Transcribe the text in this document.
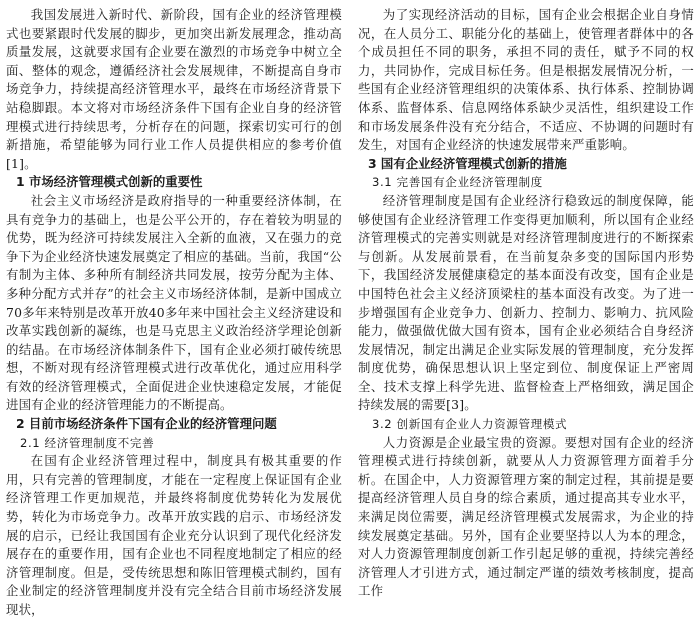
我国发展进入新时代、新阶段，国有企业的经济管理模式也要紧跟时代发展的脚步，更加突出新发展理念，推动高质量发展，这就要求国有企业要在激烈的市场竞争中树立全面、整体的观念，遵循经济社会发展规律，不断提高自身市场竞争力，持续提高经济管理水平，最终在市场经济背景下站稳脚跟。本文将对市场经济条件下国有企业自身的经济管理模式进行持续思考，分析存在的问题，探索切实可行的创新措施，希望能够为同行业工作人员提供相应的参考价值[1]。

1 市场经济管理模式创新的重要性

社会主义市场经济是政府指导的一种重要经济体制，在具有竞争力的基础上，也是公平公开的，存在着较为明显的优势，既为经济可持续发展注入全新的血液，又在强力的竞争下为企业经济快速发展奠定了相应的基础。当前，我国“公有制为主体、多种所有制经济共同发展，按劳分配为主体、多种分配方式并存”的社会主义市场经济体制，是新中国成立70多年来特别是改革开放40多年来中国社会主义经济建设和改革实践创新的凝练，也是马克思主义政治经济学理论创新的结晶。在市场经济体制条件下，国有企业必须打破传统思想，不断对现有经济管理模式进行改革优化，通过应用科学有效的经济管理模式，全面促进企业快速稳定发展，才能促进国有企业的经济管理能力的不断提高。

2 目前市场经济条件下国有企业的经济管理问题

2.1 经济管理制度不完善

在国有企业经济管理过程中，制度具有极其重要的作用，只有完善的管理制度，才能在一定程度上保证国有企业经济管理工作更加规范，并最终将制度优势转化为发展优势，转化为市场竞争力。改革开放实践的启示、市场经济发展的启示，已经让我国国有企业充分认识到了现代化经济发展存在的重要作用，国有企业也不同程度地制定了相应的经济管理制度。但是，受传统思想和陈旧管理模式制约，国有企业制定的经济管理制度并没有完全结合目前市场经济发展现状，

为了实现经济活动的目标，国有企业会根据企业自身情况，在人员分工、职能分化的基础上，使管理者群体中的各个成员担任不同的职务，承担不同的责任，赋予不同的权力，共同协作，完成目标任务。但是根据发展情况分析，一些国有企业经济管理组织的决策体系、执行体系、控制协调体系、监督体系、信息网络体系缺少灵活性，组织建设工作和市场发展条件没有充分结合，不适应、不协调的问题时有发生，对国有企业经济的快速发展带来严重影响。

3 国有企业经济管理模式创新的措施

3.1 完善国有企业经济管理制度

经济管理制度是国有企业经济行稳致远的制度保障，能够使国有企业经济管理工作变得更加顺利，所以国有企业经济管理模式的完善实则就是对经济管理制度进行的不断探索与创新。从发展前景看，在当前复杂多变的国际国内形势下，我国经济发展健康稳定的基本面没有改变，国有企业是中国特色社会主义经济顶梁柱的基本面没有改变。为了进一步增强国有企业竞争力、创新力、控制力、影响力、抗风险能力，做强做优做大国有资本，国有企业必须结合自身经济发展情况，制定出满足企业实际发展的管理制度，充分发挥制度优势，确保思想认识上坚定到位、制度保证上严密周全、技术支撑上科学先进、监督检查上严格细致，满足国企持续发展的需要[3]。

3.2 创新国有企业人力资源管理模式

人力资源是企业最宝贵的资源。要想对国有企业的经济管理模式进行持续创新，就要从人力资源管理方面着手分析。在国企中，人力资源管理方案的制定过程，其前提是要提高经济管理人员自身的综合素质，通过提高其专业水平，来满足岗位需要，满足经济管理模式发展需求，为企业的持续发展奠定基础。另外，国有企业要坚持以人为本的理念，对人力资源管理制度创新工作引起足够的重视，持续完善经济管理人才引进方式，通过制定严谨的绩效考核制度，提高工作
